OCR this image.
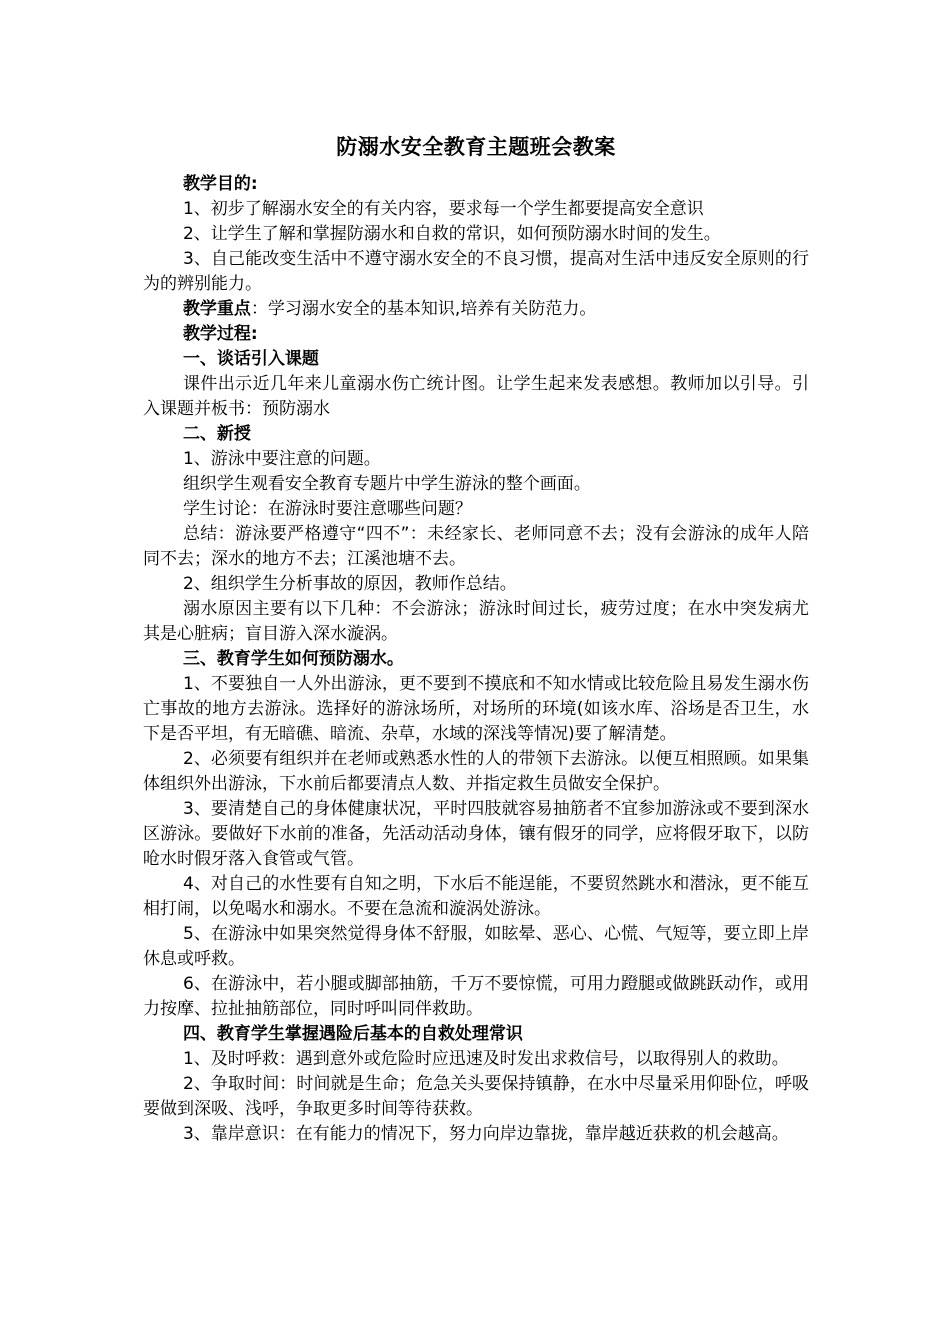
防溺水安全教育主题班会教案

教学目的:

1、初步了解溺水安全的有关内容，要求每一个学生都要提高安全意识

2、让学生了解和掌握防溺水和自救的常识，如何预防溺水时间的发生。

3、自己能改变生活中不遵守溺水安全的不良习惯，提高对生活中违反安全原则的行为的辨别能力。

教学重点：学习溺水安全的基本知识,培养有关防范力。

教学过程:

一、谈话引入课题

课件出示近几年来儿童溺水伤亡统计图。让学生起来发表感想。教师加以引导。引入课题并板书：预防溺水

二、新授

1、游泳中要注意的问题。

组织学生观看安全教育专题片中学生游泳的整个画面。

学生讨论：在游泳时要注意哪些问题？

总结：游泳要严格遵守“四不”：未经家长、老师同意不去；没有会游泳的成年人陪同不去；深水的地方不去；江溪池塘不去。

2、组织学生分析事故的原因，教师作总结。

溺水原因主要有以下几种：不会游泳；游泳时间过长，疲劳过度；在水中突发病尤其是心脏病；盲目游入深水漩涡。

三、教育学生如何预防溺水。

1、不要独自一人外出游泳，更不要到不摸底和不知水情或比较危险且易发生溺水伤亡事故的地方去游泳。选择好的游泳场所，对场所的环境(如该水库、浴场是否卫生，水下是否平坦，有无暗礁、暗流、杂草，水域的深浅等情况)要了解清楚。

2、必须要有组织并在老师或熟悉水性的人的带领下去游泳。以便互相照顾。如果集体组织外出游泳，下水前后都要清点人数、并指定救生员做安全保护。

3、要清楚自己的身体健康状况，平时四肢就容易抽筋者不宜参加游泳或不要到深水区游泳。要做好下水前的准备，先活动活动身体，镶有假牙的同学，应将假牙取下，以防呛水时假牙落入食管或气管。

4、对自己的水性要有自知之明，下水后不能逞能，不要贸然跳水和潜泳，更不能互相打闹，以免喝水和溺水。不要在急流和漩涡处游泳。

5、在游泳中如果突然觉得身体不舒服，如眩晕、恶心、心慌、气短等，要立即上岸休息或呼救。

6、在游泳中，若小腿或脚部抽筋，千万不要惊慌，可用力蹬腿或做跳跃动作，或用力按摩、拉扯抽筋部位，同时呼叫同伴救助。

四、教育学生掌握遇险后基本的自救处理常识

1、及时呼救：遇到意外或危险时应迅速及时发出求救信号，以取得别人的救助。

2、争取时间：时间就是生命；危急关头要保持镇静，在水中尽量采用仰卧位，呼吸要做到深吸、浅呼，争取更多时间等待获救。

3、靠岸意识：在有能力的情况下，努力向岸边靠拢，靠岸越近获救的机会越高。
